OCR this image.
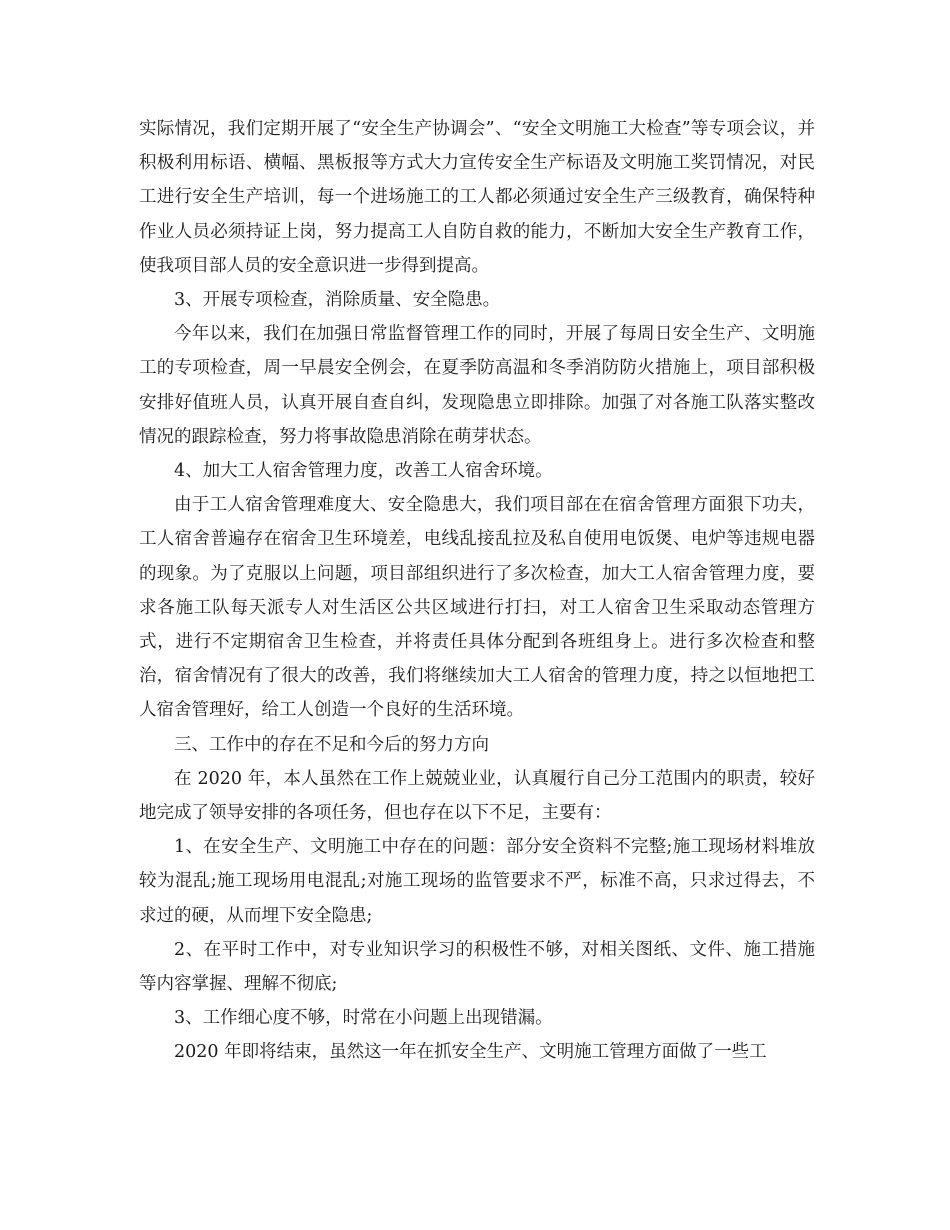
实际情况，我们定期开展了“安全生产协调会”、“安全文明施工大检查”等专项会议，并积极利用标语、横幅、黑板报等方式大力宣传安全生产标语及文明施工奖罚情况，对民工进行安全生产培训，每一个进场施工的工人都必须通过安全生产三级教育，确保特种作业人员必须持证上岗，努力提高工人自防自救的能力，不断加大安全生产教育工作，使我项目部人员的安全意识进一步得到提高。

3、开展专项检查，消除质量、安全隐患。

今年以来，我们在加强日常监督管理工作的同时，开展了每周日安全生产、文明施工的专项检查，周一早晨安全例会，在夏季防高温和冬季消防防火措施上，项目部积极安排好值班人员，认真开展自查自纠，发现隐患立即排除。加强了对各施工队落实整改情况的跟踪检查，努力将事故隐患消除在萌芽状态。

4、加大工人宿舍管理力度，改善工人宿舍环境。

由于工人宿舍管理难度大、安全隐患大，我们项目部在在宿舍管理方面狠下功夫，工人宿舍普遍存在宿舍卫生环境差，电线乱接乱拉及私自使用电饭煲、电炉等违规电器的现象。为了克服以上问题，项目部组织进行了多次检查，加大工人宿舍管理力度，要求各施工队每天派专人对生活区公共区域进行打扫，对工人宿舍卫生采取动态管理方式，进行不定期宿舍卫生检查，并将责任具体分配到各班组身上。进行多次检查和整治，宿舍情况有了很大的改善，我们将继续加大工人宿舍的管理力度，持之以恒地把工人宿舍管理好，给工人创造一个良好的生活环境。

三、工作中的存在不足和今后的努力方向

在 2020 年，本人虽然在工作上兢兢业业，认真履行自己分工范围内的职责，较好地完成了领导安排的各项任务，但也存在以下不足，主要有：

1、在安全生产、文明施工中存在的问题：部分安全资料不完整;施工现场材料堆放较为混乱;施工现场用电混乱;对施工现场的监管要求不严，标准不高，只求过得去，不求过的硬，从而埋下安全隐患;

2、在平时工作中，对专业知识学习的积极性不够，对相关图纸、文件、施工措施等内容掌握、理解不彻底;

3、工作细心度不够，时常在小问题上出现错漏。

2020 年即将结束，虽然这一年在抓安全生产、文明施工管理方面做了一些工
